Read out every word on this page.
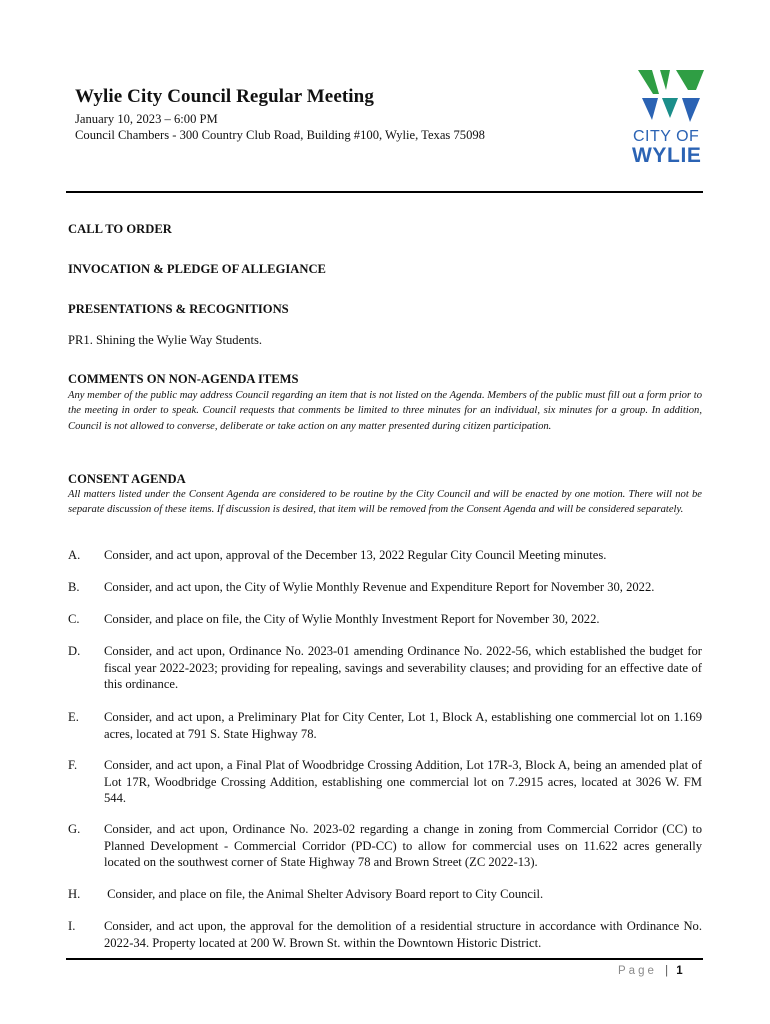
Wylie City Council Regular Meeting
January 10, 2023 – 6:00 PM
Council Chambers - 300 Country Club Road, Building #100, Wylie, Texas 75098	CITY OF
WYLIE
CALL TO ORDER
INVOCATION & PLEDGE OF ALLEGIANCE
PRESENTATIONS & RECOGNITIONS
PR1. Shining the Wylie Way Students.
COMMENTS ON NON-AGENDA ITEMS
Any member of the public may address Council regarding an item that is not listed on the Agenda. Members of the public must fill out a form prior to the meeting in order to speak. Council requests that comments be limited to three minutes for an individual, six minutes for a group. In addition, Council is not allowed to converse, deliberate or take action on any matter presented during citizen participation.
CONSENT AGENDA
All matters listed under the Consent Agenda are considered to be routine by the City Council and will be enacted by one motion. There will not be separate discussion of these items. If discussion is desired, that item will be removed from the Consent Agenda and will be considered separately.
A. Consider, and act upon, approval of the December 13, 2022 Regular City Council Meeting minutes.
B. Consider, and act upon, the City of Wylie Monthly Revenue and Expenditure Report for November 30, 2022.
C. Consider, and place on file, the City of Wylie Monthly Investment Report for November 30, 2022.
D. Consider, and act upon, Ordinance No. 2023-01 amending Ordinance No. 2022-56, which established the budget for fiscal year 2022-2023; providing for repealing, savings and severability clauses; and providing for an effective date of this ordinance.
E. Consider, and act upon, a Preliminary Plat for City Center, Lot 1, Block A, establishing one commercial lot on 1.169 acres, located at 791 S. State Highway 78.
F. Consider, and act upon, a Final Plat of Woodbridge Crossing Addition, Lot 17R-3, Block A, being an amended plat of Lot 17R, Woodbridge Crossing Addition, establishing one commercial lot on 7.2915 acres, located at 3026 W. FM 544.
G. Consider, and act upon, Ordinance No. 2023-02 regarding a change in zoning from Commercial Corridor (CC) to Planned Development - Commercial Corridor (PD-CC) to allow for commercial uses on 11.622 acres generally located on the southwest corner of State Highway 78 and Brown Street (ZC 2022-13).
H. Consider, and place on file, the Animal Shelter Advisory Board report to City Council.
I. Consider, and act upon, the approval for the demolition of a residential structure in accordance with Ordinance No. 2022-34. Property located at 200 W. Brown St. within the Downtown Historic District.
Page | 1
